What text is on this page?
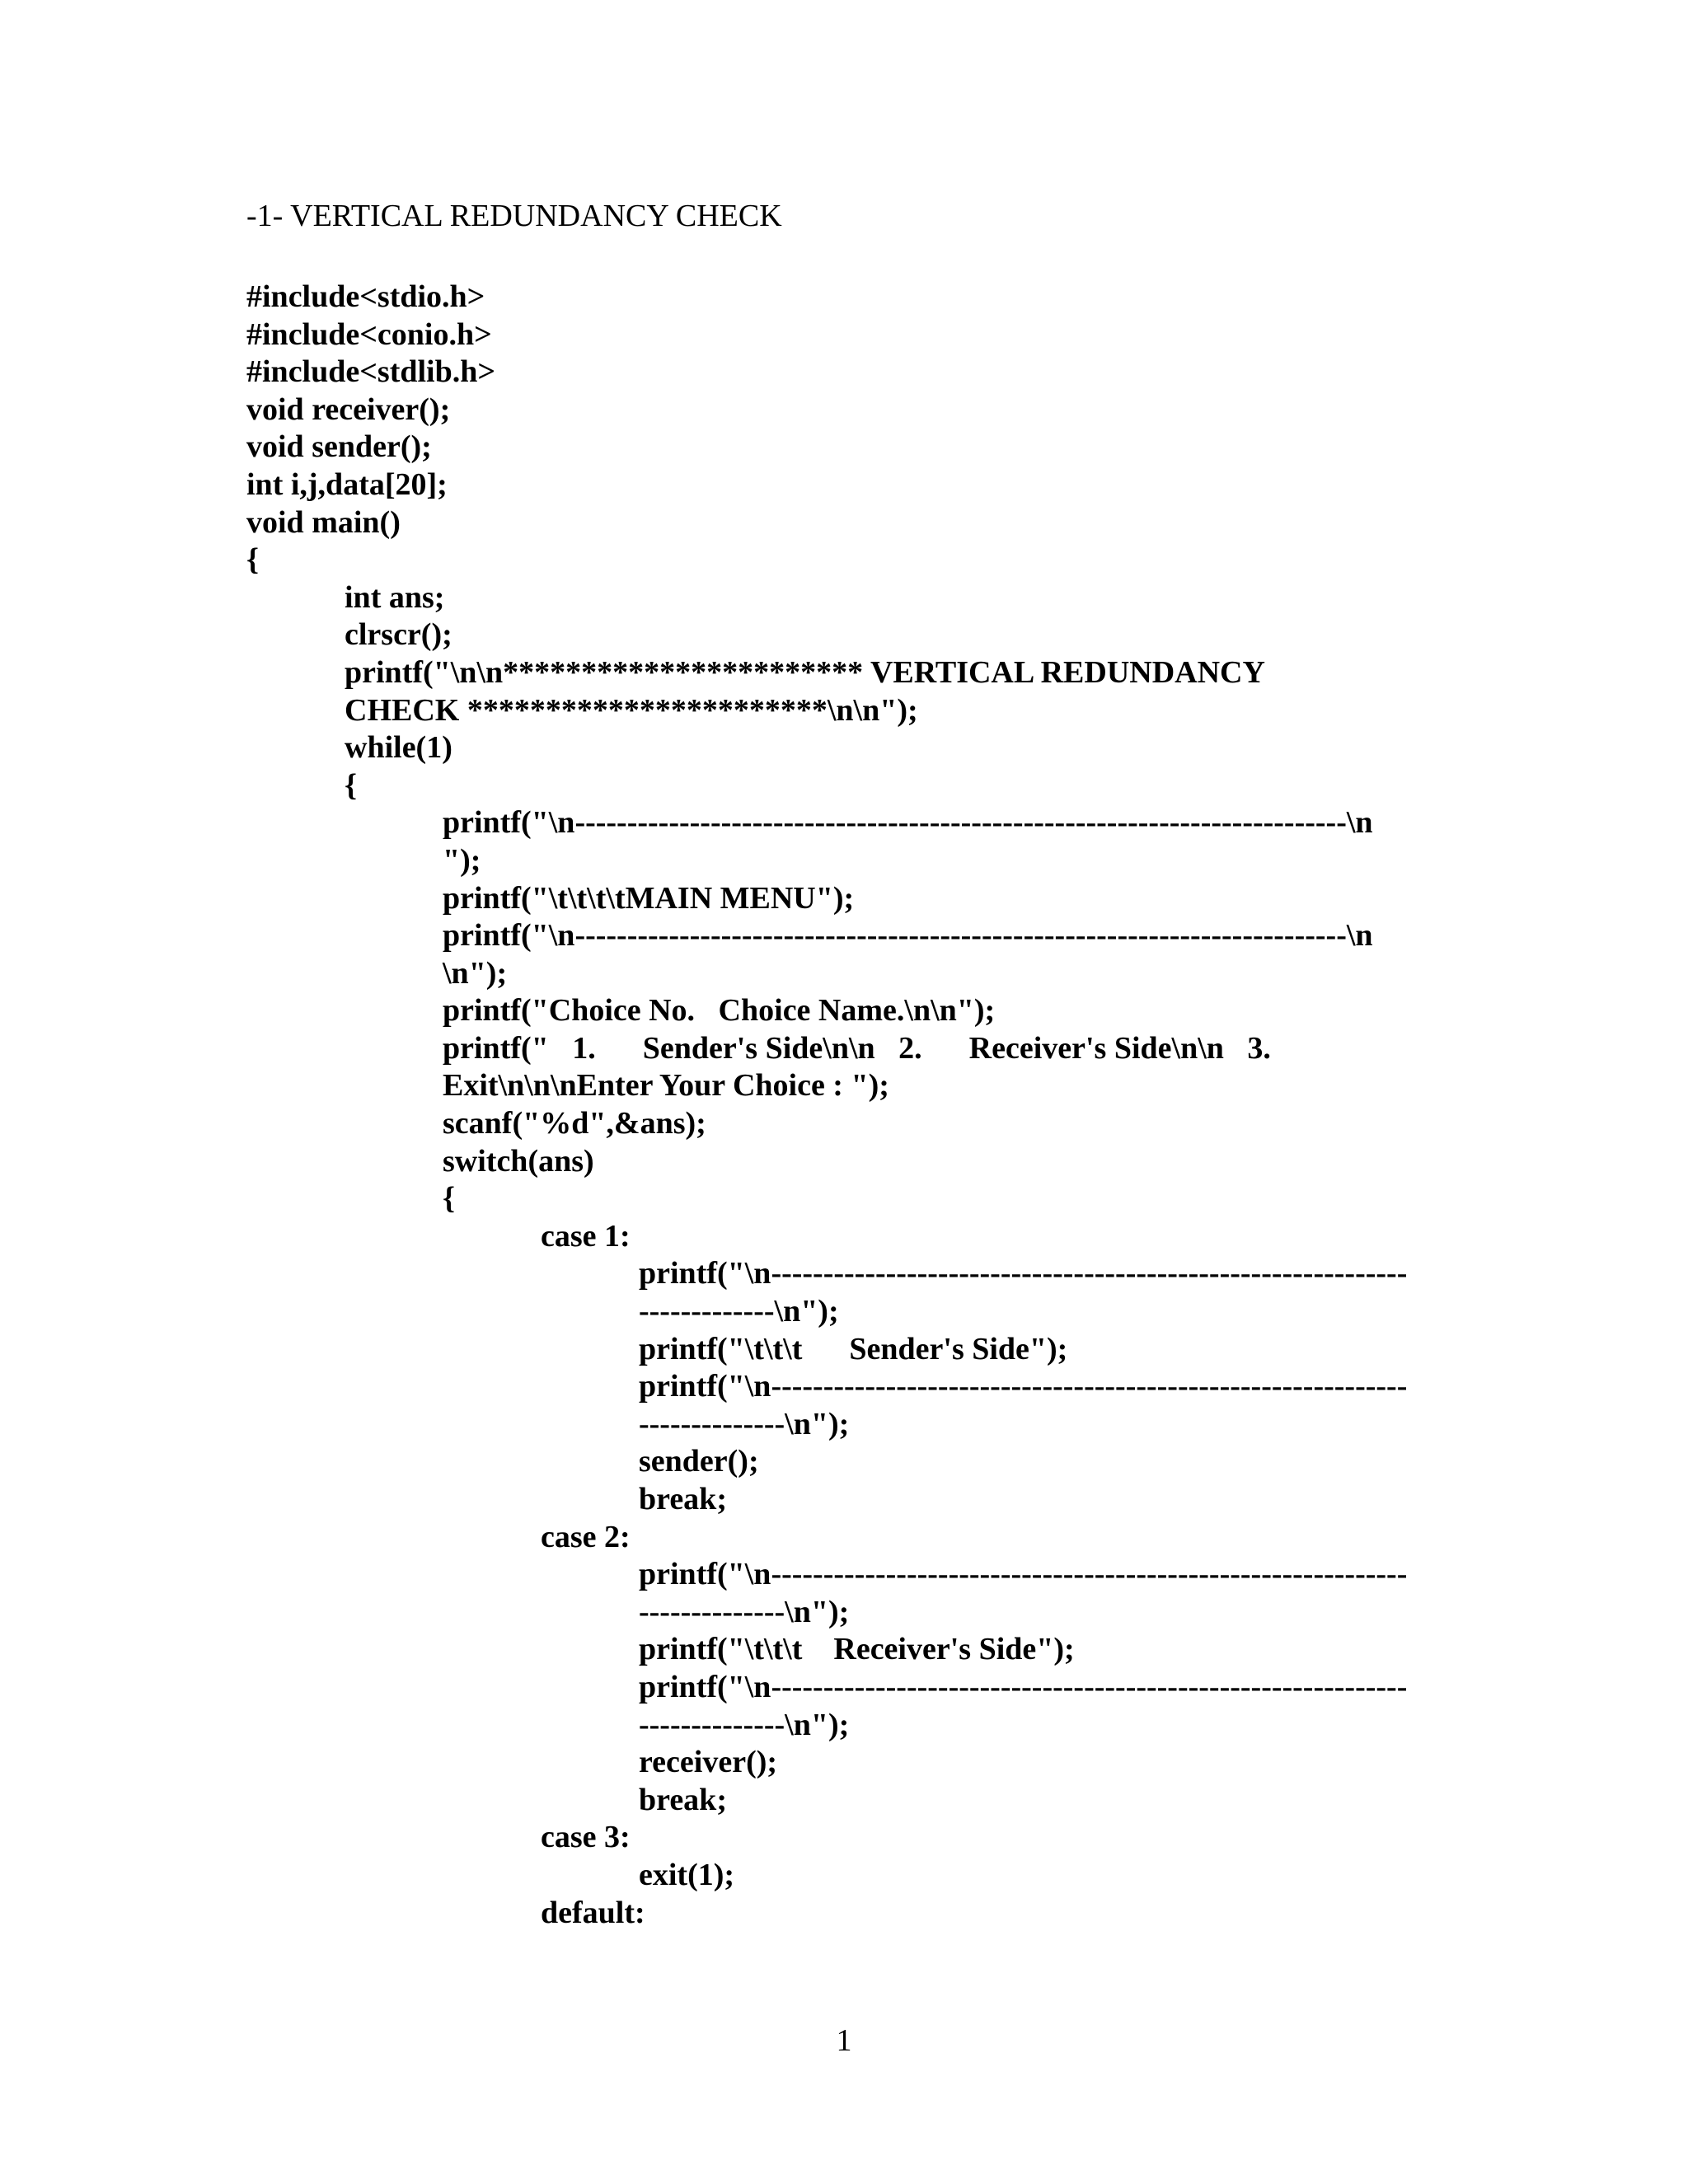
-1- VERTICAL REDUNDANCY CHECK
#include<stdio.h>
#include<conio.h>
#include<stdlib.h>
void receiver();
void sender();
int i,j,data[20];
void main()
{
int ans;
clrscr();
printf("\n\n*********************** VERTICAL REDUNDANCY
CHECK ***********************\n\n");
while(1)
{
printf("\n--------------------------------------------------------------------------\n
");
printf("\t\t\t\tMAIN MENU");
printf("\n--------------------------------------------------------------------------\n
\n");
printf("Choice No.   Choice Name.\n\n");
printf("   1.      Sender's Side\n\n   2.      Receiver's Side\n\n   3.
Exit\n\n\nEnter Your Choice : ");
scanf("%d",&ans);
switch(ans)
{
case 1:
printf("\n-------------------------------------------------------------
-------------\n");
printf("\t\t\t      Sender's Side");
printf("\n-------------------------------------------------------------
--------------\n");
sender();
break;
case 2:
printf("\n-------------------------------------------------------------
--------------\n");
printf("\t\t\t    Receiver's Side");
printf("\n-------------------------------------------------------------
--------------\n");
receiver();
break;
case 3:
exit(1);
default:
1
